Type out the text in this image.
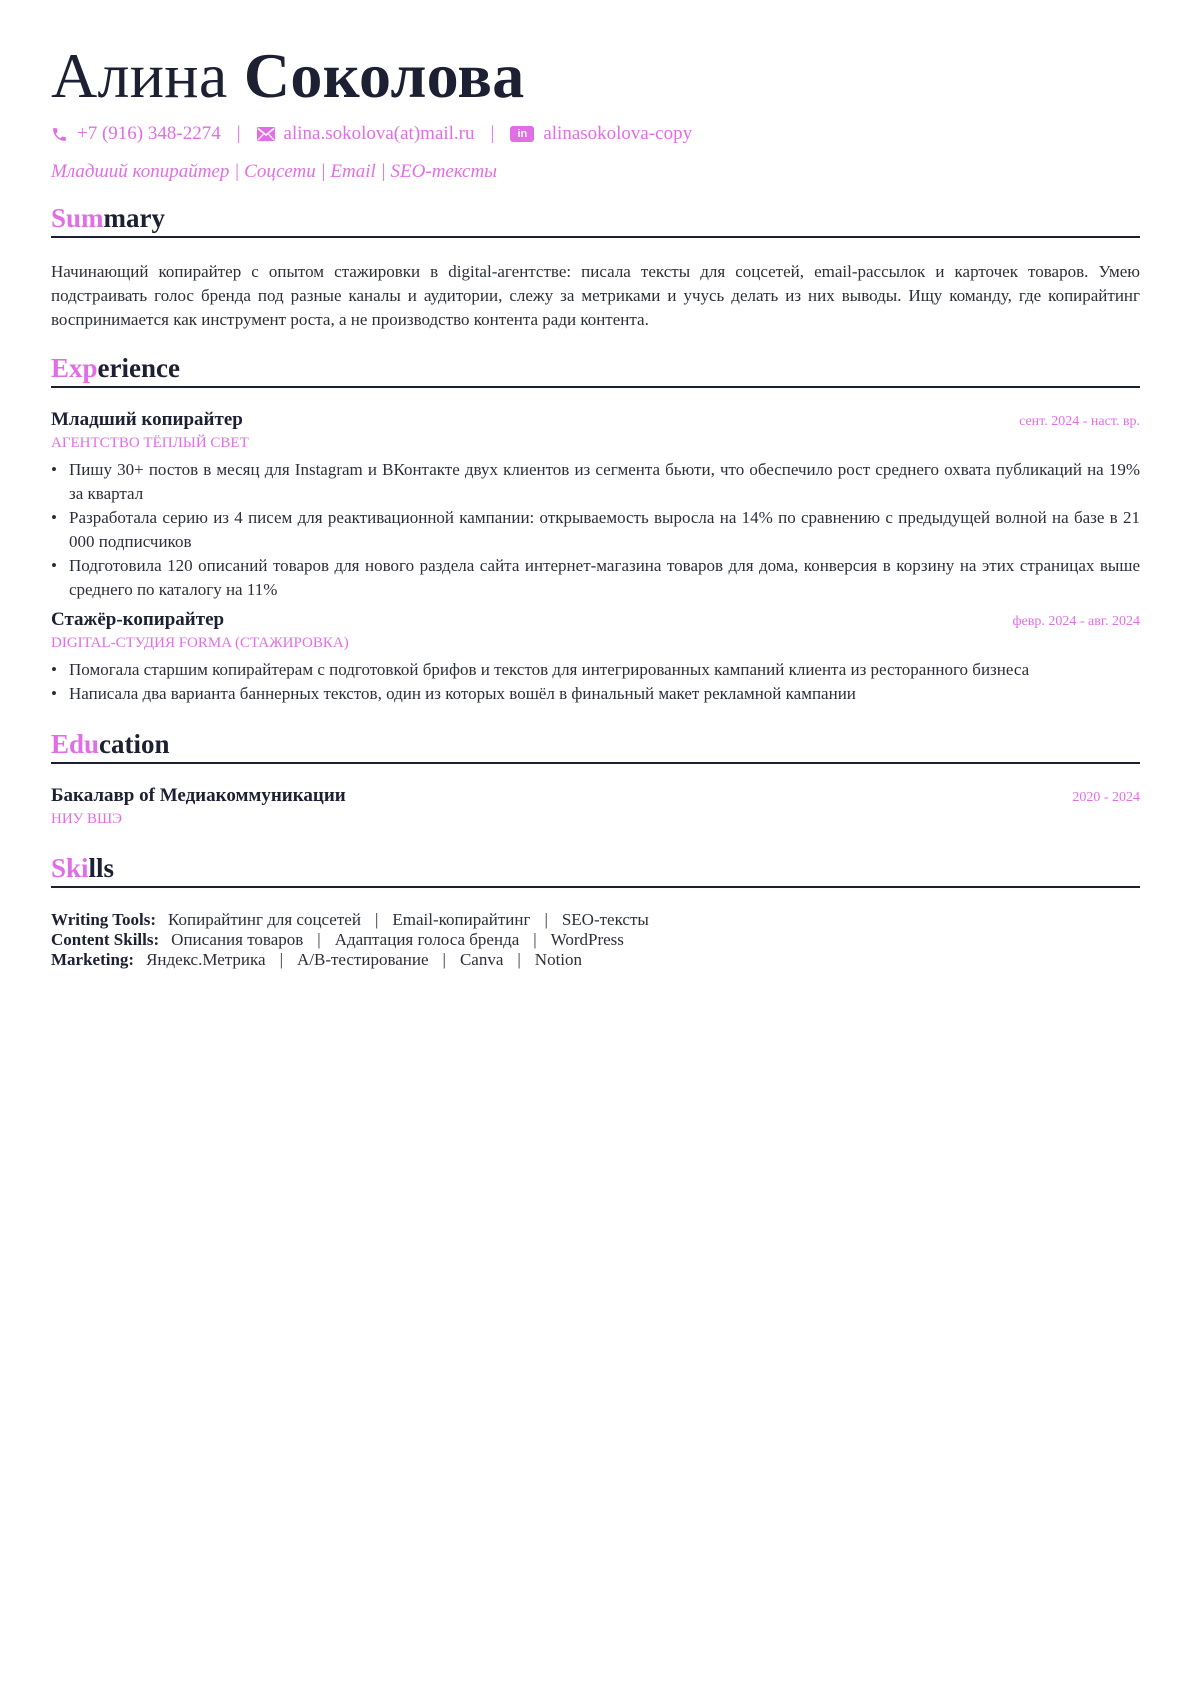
Алина Соколова
+7 (916) 348-2274 | alina.sokolova(at)mail.ru |	in alinasokolova-copy
Младший копирайтер | Соцсети | Email | SEO-тексты
Summary

Начинающий копирайтер с опытом стажировки в digital-агентстве: писала тексты для соцсетей, email-рассылок и карточек товаров. Умею подстраивать голос бренда под разные каналы и аудитории, слежу за метриками и учусь делать из них выводы. Ищу команду, где копирайтинг воспринимается как инструмент роста, а не производство контента ради контента.

Experience
Младший копирайтер	сент. 2024 - наст. вр.
АГЕНТСТВО ТЁПЛЫЙ СВЕТ
• Пишу 30+ постов в месяц для Instagram и ВКонтакте двух клиентов из сегмента бьюти, что обеспечило рост среднего охвата публикаций на 19% за квартал
• Разработала серию из 4 писем для реактивационной кампании: открываемость выросла на 14% по сравнению с предыдущей волной на базе в 21 000 подписчиков
• Подготовила 120 описаний товаров для нового раздела сайта интернет-магазина товаров для дома, конверсия в корзину на этих страницах выше среднего по каталогу на 11%
Стажёр-копирайтер	февр. 2024 - авг. 2024
DIGITAL-СТУДИЯ FORMA (СТАЖИРОВКА)
• Помогала старшим копирайтерам с подготовкой брифов и текстов для интегрированных кампаний клиента из ресторанного бизнеса
• Написала два варианта баннерных текстов, один из которых вошёл в финальный макет рекламной кампании
Education
Бакалавр of Медиакоммуникации	2020 - 2024
НИУ ВШЭ
Skills
Writing Tools: Копирайтинг для соцсетей | Email-копирайтинг | SEO-тексты
Content Skills: Описания товаров | Адаптация голоса бренда | WordPress
Marketing: Яндекс.Метрика | A/B-тестирование | Canva | Notion
